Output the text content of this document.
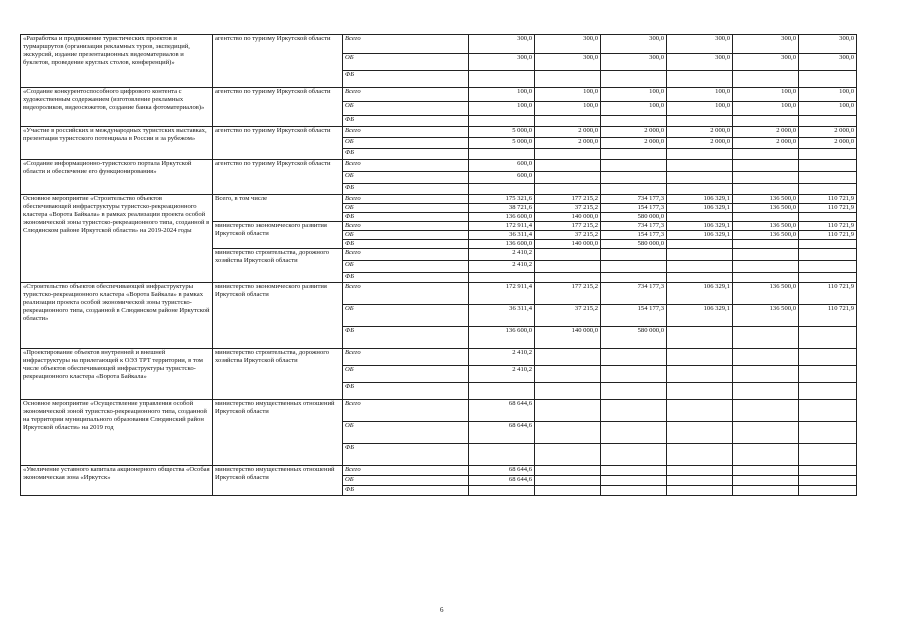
«Разработка и продвижение туристических проектов и турмаршрутов (организация рекламных туров, экспедиций, экскурсий, издание презентационных видеоматериалов и буклетов, проведение круглых столов, конференций)»	агентство по туризму Иркутской области	Всего	300,0	300,0	300,0	300,0	300,0	300,0
		ОБ	300,0	300,0	300,0	300,0	300,0	300,0
		ФБ						
«Создание конкурентоспособного цифрового контента с художественным содержанием (изготовление рекламных видеороликов, видеосюжетов, создание банка фотоматериалов)»	агентство по туризму Иркутской области	Всего	100,0	100,0	100,0	100,0	100,0	100,0
		ОБ	100,0	100,0	100,0	100,0	100,0	100,0
		ФБ						
«Участие в российских и международных туристских выставках, презентация туристского потенциала в России и за рубежом»	агентство по туризму Иркутской области	Всего	5 000,0	2 000,0	2 000,0	2 000,0	2 000,0	2 000,0
		ОБ	5 000,0	2 000,0	2 000,0	2 000,0	2 000,0	2 000,0
		ФБ						
«Создание информационно-туристского портала Иркутской области и обеспечение его функционирования»	агентство по туризму Иркутской области	Всего	600,0					
		ОБ	600,0					
		ФБ						
Основное мероприятие «Строительство объектов обеспечивающей инфраструктуры туристско-рекреационного кластера «Ворота Байкала» в рамках реализации проекта особой экономической зоны туристско-рекреационного типа, созданной в Слюдянском районе Иркутской области» на 2019-2024 годы	Всего, в том числе	Всего	175 321,6	177 215,2	734 177,3	106 329,1	136 500,0	110 721,9
		ОБ	38 721,6	37 215,2	154 177,3	106 329,1	136 500,0	110 721,9
		ФБ	136 600,0	140 000,0	580 000,0			
	министерство экономического развития Иркутской области	Всего	172 911,4	177 215,2	734 177,3	106 329,1	136 500,0	110 721,9
		ОБ	36 311,4	37 215,2	154 177,3	106 329,1	136 500,0	110 721,9
		ФБ	136 600,0	140 000,0	580 000,0			
	министерство строительства, дорожного хозяйства Иркутской области	Всего	2 410,2					
		ОБ	2 410,2					
		ФБ						
«Строительство объектов обеспечивающей инфраструктуры туристско-рекреационного кластера «Ворота Байкала» в рамках реализации проекта особой экономической зоны туристско-рекреационного типа, созданной в Слюдянском районе Иркутской области»	министерство экономического развития Иркутской области	Всего	172 911,4	177 215,2	734 177,3	106 329,1	136 500,0	110 721,9
		ОБ	36 311,4	37 215,2	154 177,3	106 329,1	136 500,0	110 721,9
		ФБ	136 600,0	140 000,0	580 000,0			
«Проектирование объектов внутренней и внешней инфраструктуры на прилегающей к ОЭЗ ТРТ территории, в том числе объектов обеспечивающей инфраструктуры туристско-рекреационного кластера «Ворота Байкала»	министерство строительства, дорожного хозяйства Иркутской области	Всего	2 410,2					
		ОБ	2 410,2					
		ФБ						
Основное мероприятие «Осуществление управления особой экономической зоной туристско-рекреационного типа, созданной на территории муниципального образования Слюдянский район Иркутской области» на 2019 год	министерство имущественных отношений Иркутской области	Всего	68 644,6					
		ОБ	68 644,6					
		ФБ						
«Увеличение уставного капитала акционерного общества «Особая экономическая зона «Иркутск»	министерство имущественных отношений Иркутской области	Всего	68 644,6					
		ОБ	68 644,6					
		ФБ						
6
